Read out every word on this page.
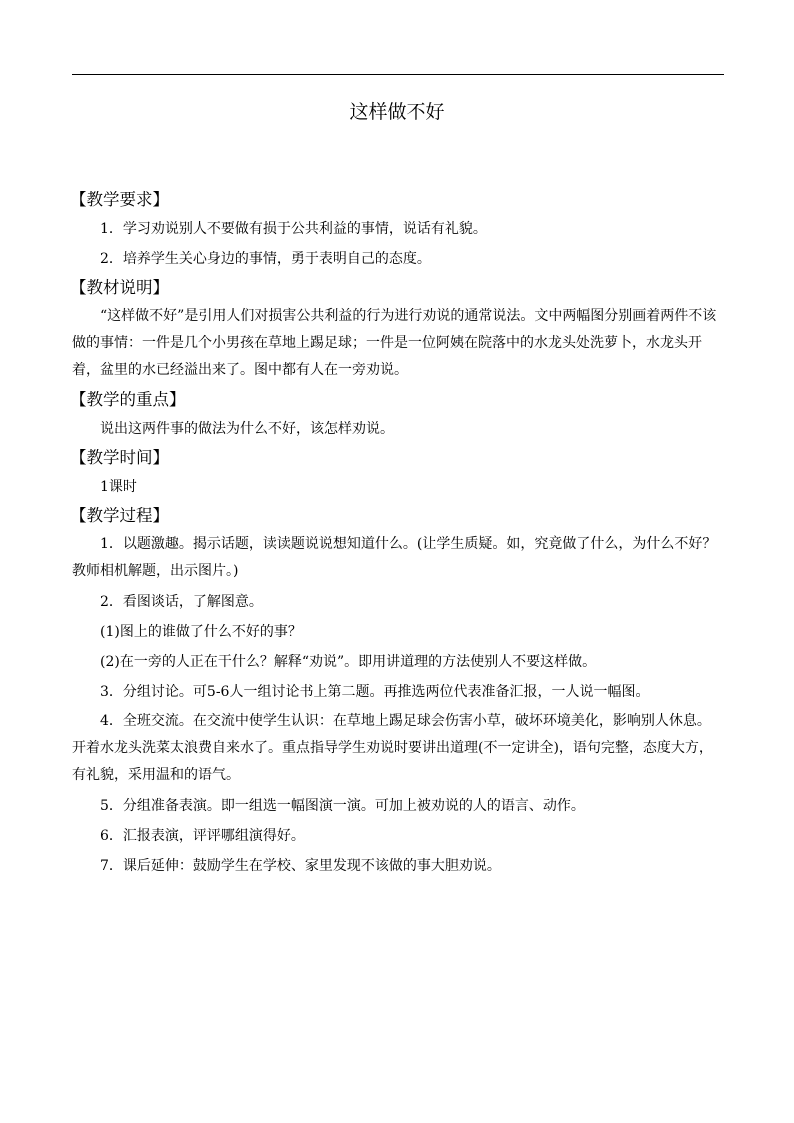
这样做不好
【教学要求】

1．学习劝说别人不要做有损于公共利益的事情，说话有礼貌。

2．培养学生关心身边的事情，勇于表明自己的态度。

【教材说明】

“这样做不好”是引用人们对损害公共利益的行为进行劝说的通常说法。文中两幅图分别画着两件不该做的事情：一件是几个小男孩在草地上踢足球；一件是一位阿姨在院落中的水龙头处洗萝卜，水龙头开着，盆里的水已经溢出来了。图中都有人在一旁劝说。

【教学的重点】

说出这两件事的做法为什么不好，该怎样劝说。

【教学时间】

1课时

【教学过程】

1．以题激趣。揭示话题，读读题说说想知道什么。(让学生质疑。如，究竟做了什么，为什么不好？教师相机解题，出示图片。)

2．看图谈话，了解图意。

(1)图上的谁做了什么不好的事？

(2)在一旁的人正在干什么？解释“劝说”。即用讲道理的方法使别人不要这样做。

3．分组讨论。可5-6人一组讨论书上第二题。再推选两位代表准备汇报，一人说一幅图。

4．全班交流。在交流中使学生认识：在草地上踢足球会伤害小草，破坏环境美化，影响别人休息。开着水龙头洗菜太浪费自来水了。重点指导学生劝说时要讲出道理(不一定讲全)，语句完整，态度大方，有礼貌，采用温和的语气。

5．分组准备表演。即一组选一幅图演一演。可加上被劝说的人的语言、动作。

6．汇报表演，评评哪组演得好。

7．课后延伸：鼓励学生在学校、家里发现不该做的事大胆劝说。
